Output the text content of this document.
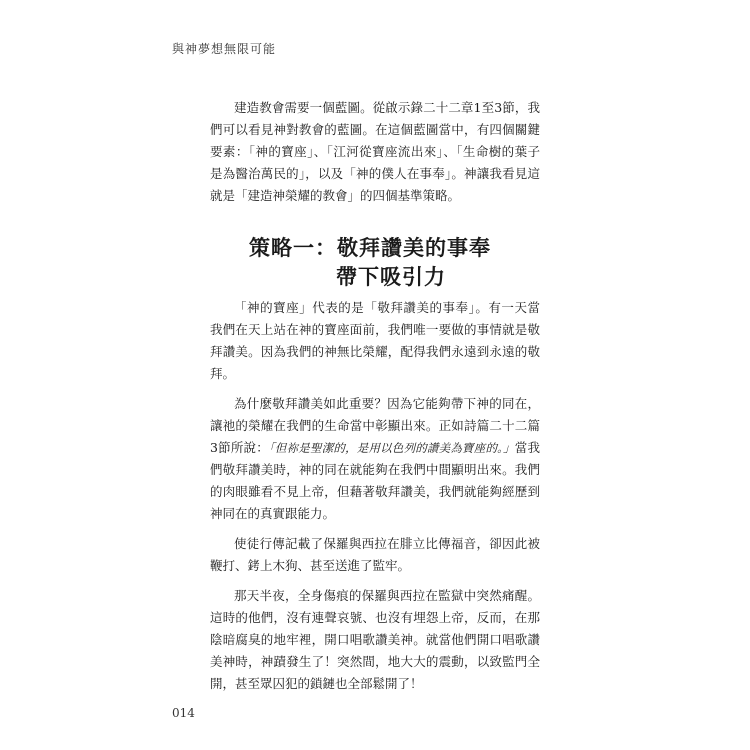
與神夢想無限可能

建造教會需要一個藍圖。從啟示錄二十二章1至3節，我們可以看見神對教會的藍圖。在這個藍圖當中，有四個關鍵要素：「神的寶座」、「江河從寶座流出來」、「生命樹的葉子是為醫治萬民的」，以及「神的僕人在事奉」。神讓我看見這就是「建造神榮耀的教會」的四個基準策略。

策略一：敬拜讚美的事奉
帶下吸引力

「神的寶座」代表的是「敬拜讚美的事奉」。有一天當我們在天上站在神的寶座面前，我們唯一要做的事情就是敬拜讚美。因為我們的神無比榮耀，配得我們永遠到永遠的敬拜。

為什麼敬拜讚美如此重要？因為它能夠帶下神的同在，讓祂的榮耀在我們的生命當中彰顯出來。正如詩篇二十二篇3節所說：「但祢是聖潔的，是用以色列的讚美為寶座的。」當我們敬拜讚美時，神的同在就能夠在我們中間顯明出來。我們的肉眼雖看不見上帝，但藉著敬拜讚美，我們就能夠經歷到神同在的真實跟能力。

使徒行傳記載了保羅與西拉在腓立比傳福音，卻因此被鞭打、銬上木狗、甚至送進了監牢。

那天半夜，全身傷痕的保羅與西拉在監獄中突然痛醒。這時的他們，沒有連聲哀號、也沒有埋怨上帝，反而，在那陰暗腐臭的地牢裡，開口唱歌讚美神。就當他們開口唱歌讚美神時，神蹟發生了！突然間，地大大的震動，以致監門全開，甚至眾囚犯的鎖鏈也全部鬆開了！

014
